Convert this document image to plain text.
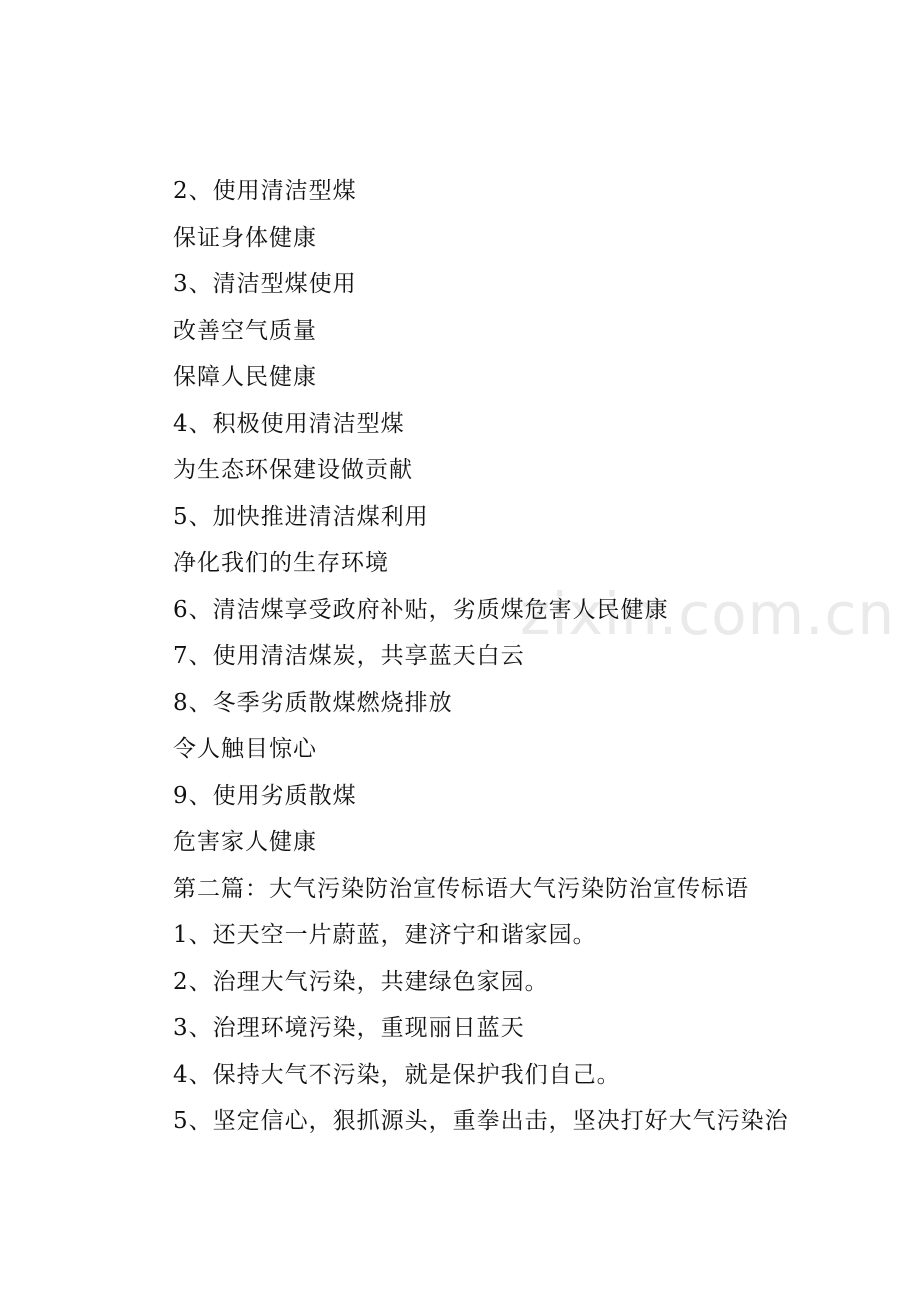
zixin.com.cn
2、使用清洁型煤
保证身体健康
3、清洁型煤使用
改善空气质量
保障人民健康
4、积极使用清洁型煤
为生态环保建设做贡献
5、加快推进清洁煤利用
净化我们的生存环境
6、清洁煤享受政府补贴，劣质煤危害人民健康
7、使用清洁煤炭，共享蓝天白云
8、冬季劣质散煤燃烧排放
令人触目惊心
9、使用劣质散煤
危害家人健康
第二篇：大气污染防治宣传标语大气污染防治宣传标语
1、还天空一片蔚蓝，建济宁和谐家园。
2、治理大气污染，共建绿色家园。
3、治理环境污染，重现丽日蓝天
4、保持大气不污染，就是保护我们自己。
5、坚定信心，狠抓源头，重拳出击，坚决打好大气污染治
